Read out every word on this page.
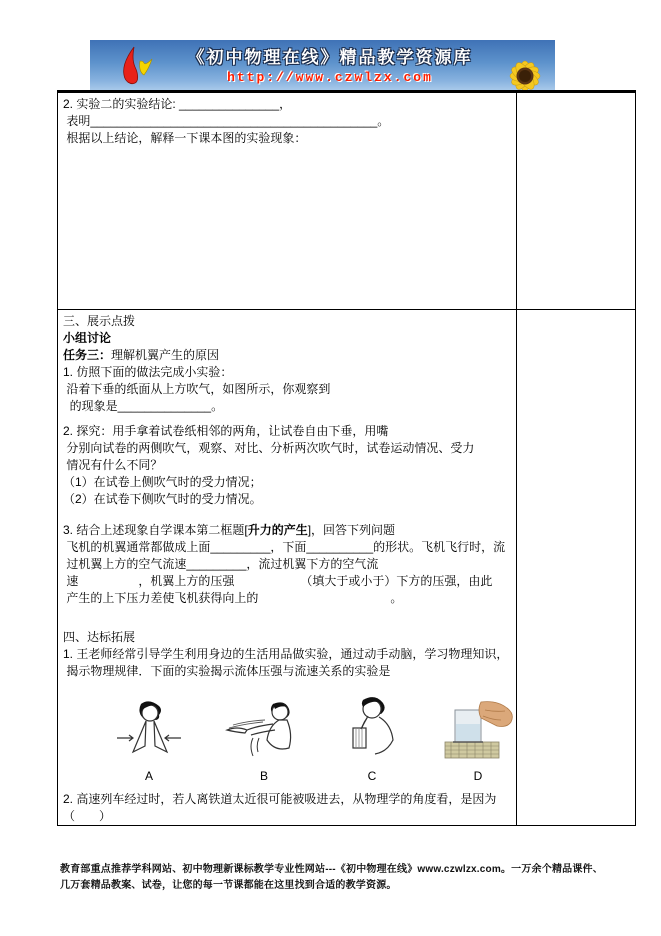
《初中物理在线》精品教学资源库
http://www.czwlzx.com
2. 实验二的实验结论: _______________，
表明___________________________________________。
根据以上结论，解释一下课本图的实验现象：	

三、展示点拨
小组讨论
任务三：理解机翼产生的原因
1. 仿照下面的做法完成小实验：
沿着下垂的纸面从上方吹气，如图所示，你观察到
的现象是______________。
2. 探究：用手拿着试卷纸相邻的两角，让试卷自由下垂，用嘴
分别向试卷的两侧吹气，观察、对比、分析两次吹气时，试卷运动情况、受力
情况有什么不同？
（1）在试卷上侧吹气时的受力情况；
（2）在试卷下侧吹气时的受力情况。
3. 结合上述现象自学课本第二框题[升力的产生]，回答下列问题
飞机的机翼通常都做成上面_________，下面__________的形状。飞机飞行时，流
过机翼上方的空气流速_________，流过机翼下方的空气流
速　　　　　，机翼上方的压强　　　　　　（填大于或小于）下方的压强，由此
产生的上下压力差使飞机获得向上的　　　　　　　　　　　。
四、达标拓展
1. 王老师经常引导学生利用身边的生活用品做实验，通过动手动脑，学习物理知识，
揭示物理规律．下面的实验揭示流体压强与流速关系的实验是
A	B	C	D
2. 高速列车经过时，若人离铁道太近很可能被吸进去，从物理学的角度看，是因为
（　　）

教育部重点推荐学科网站、初中物理新课标教学专业性网站---《初中物理在线》www.czwlzx.com。一万余个精品课件、
几万套精品教案、试卷，让您的每一节课都能在这里找到合适的教学资源。
